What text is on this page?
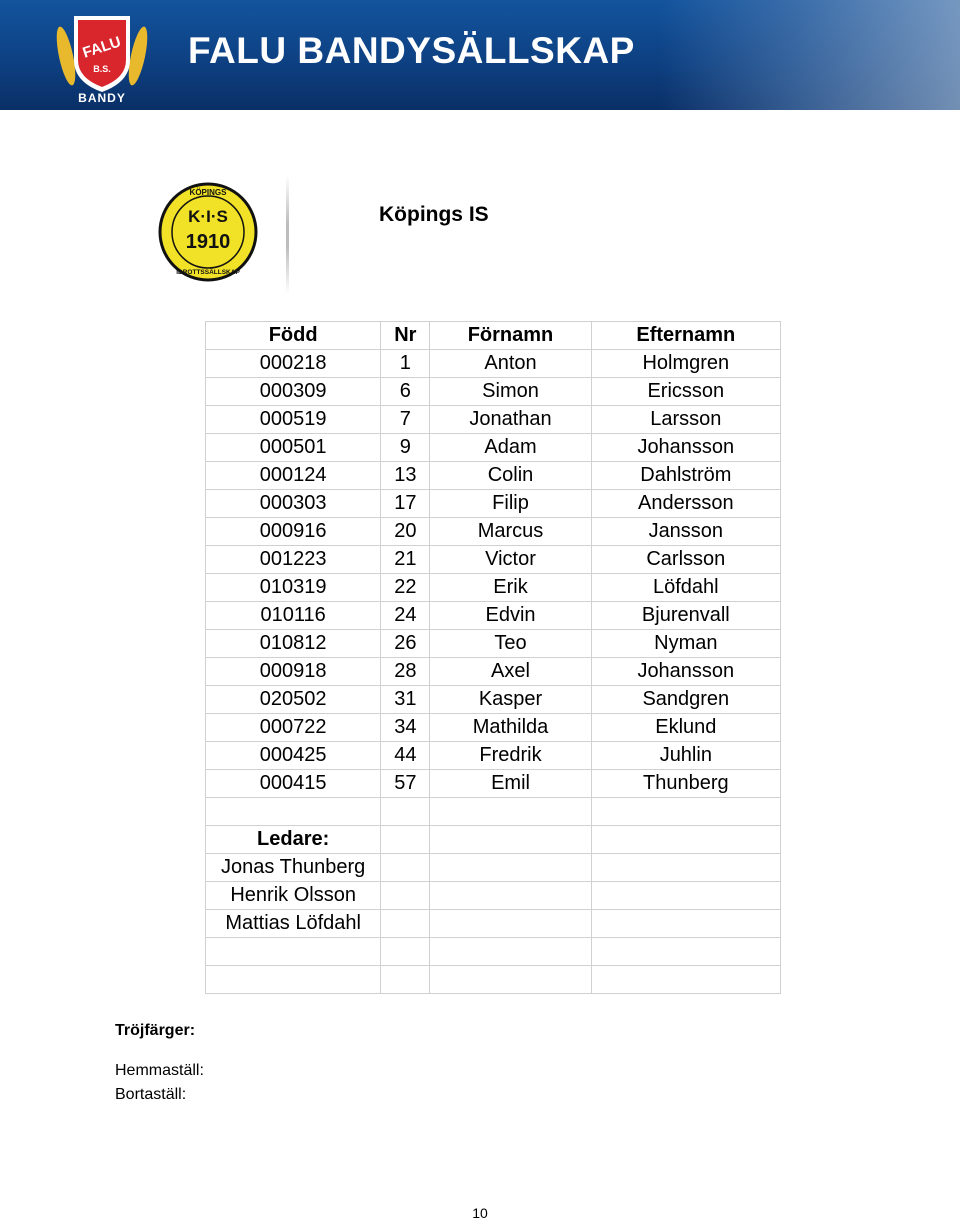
FALU
B.S.
BANDY
FALU BANDYSÄLLSKAP
KÖPINGS
K·I·S
1910
IDROTTSSÄLLSKAP
Köpings IS
Född	Nr	Förnamn	Efternamn
000218	1	Anton	Holmgren
000309	6	Simon	Ericsson
000519	7	Jonathan	Larsson
000501	9	Adam	Johansson
000124	13	Colin	Dahlström
000303	17	Filip	Andersson
000916	20	Marcus	Jansson
001223	21	Victor	Carlsson
010319	22	Erik	Löfdahl
010116	24	Edvin	Bjurenvall
010812	26	Teo	Nyman
000918	28	Axel	Johansson
020502	31	Kasper	Sandgren
000722	34	Mathilda	Eklund
000425	44	Fredrik	Juhlin
000415	57	Emil	Thunberg

Ledare:			
Jonas Thunberg			
Henrik Olsson			
Mattias Löfdahl			

Tröjfärger:
Hemmaställ:
Bortaställ:
10
